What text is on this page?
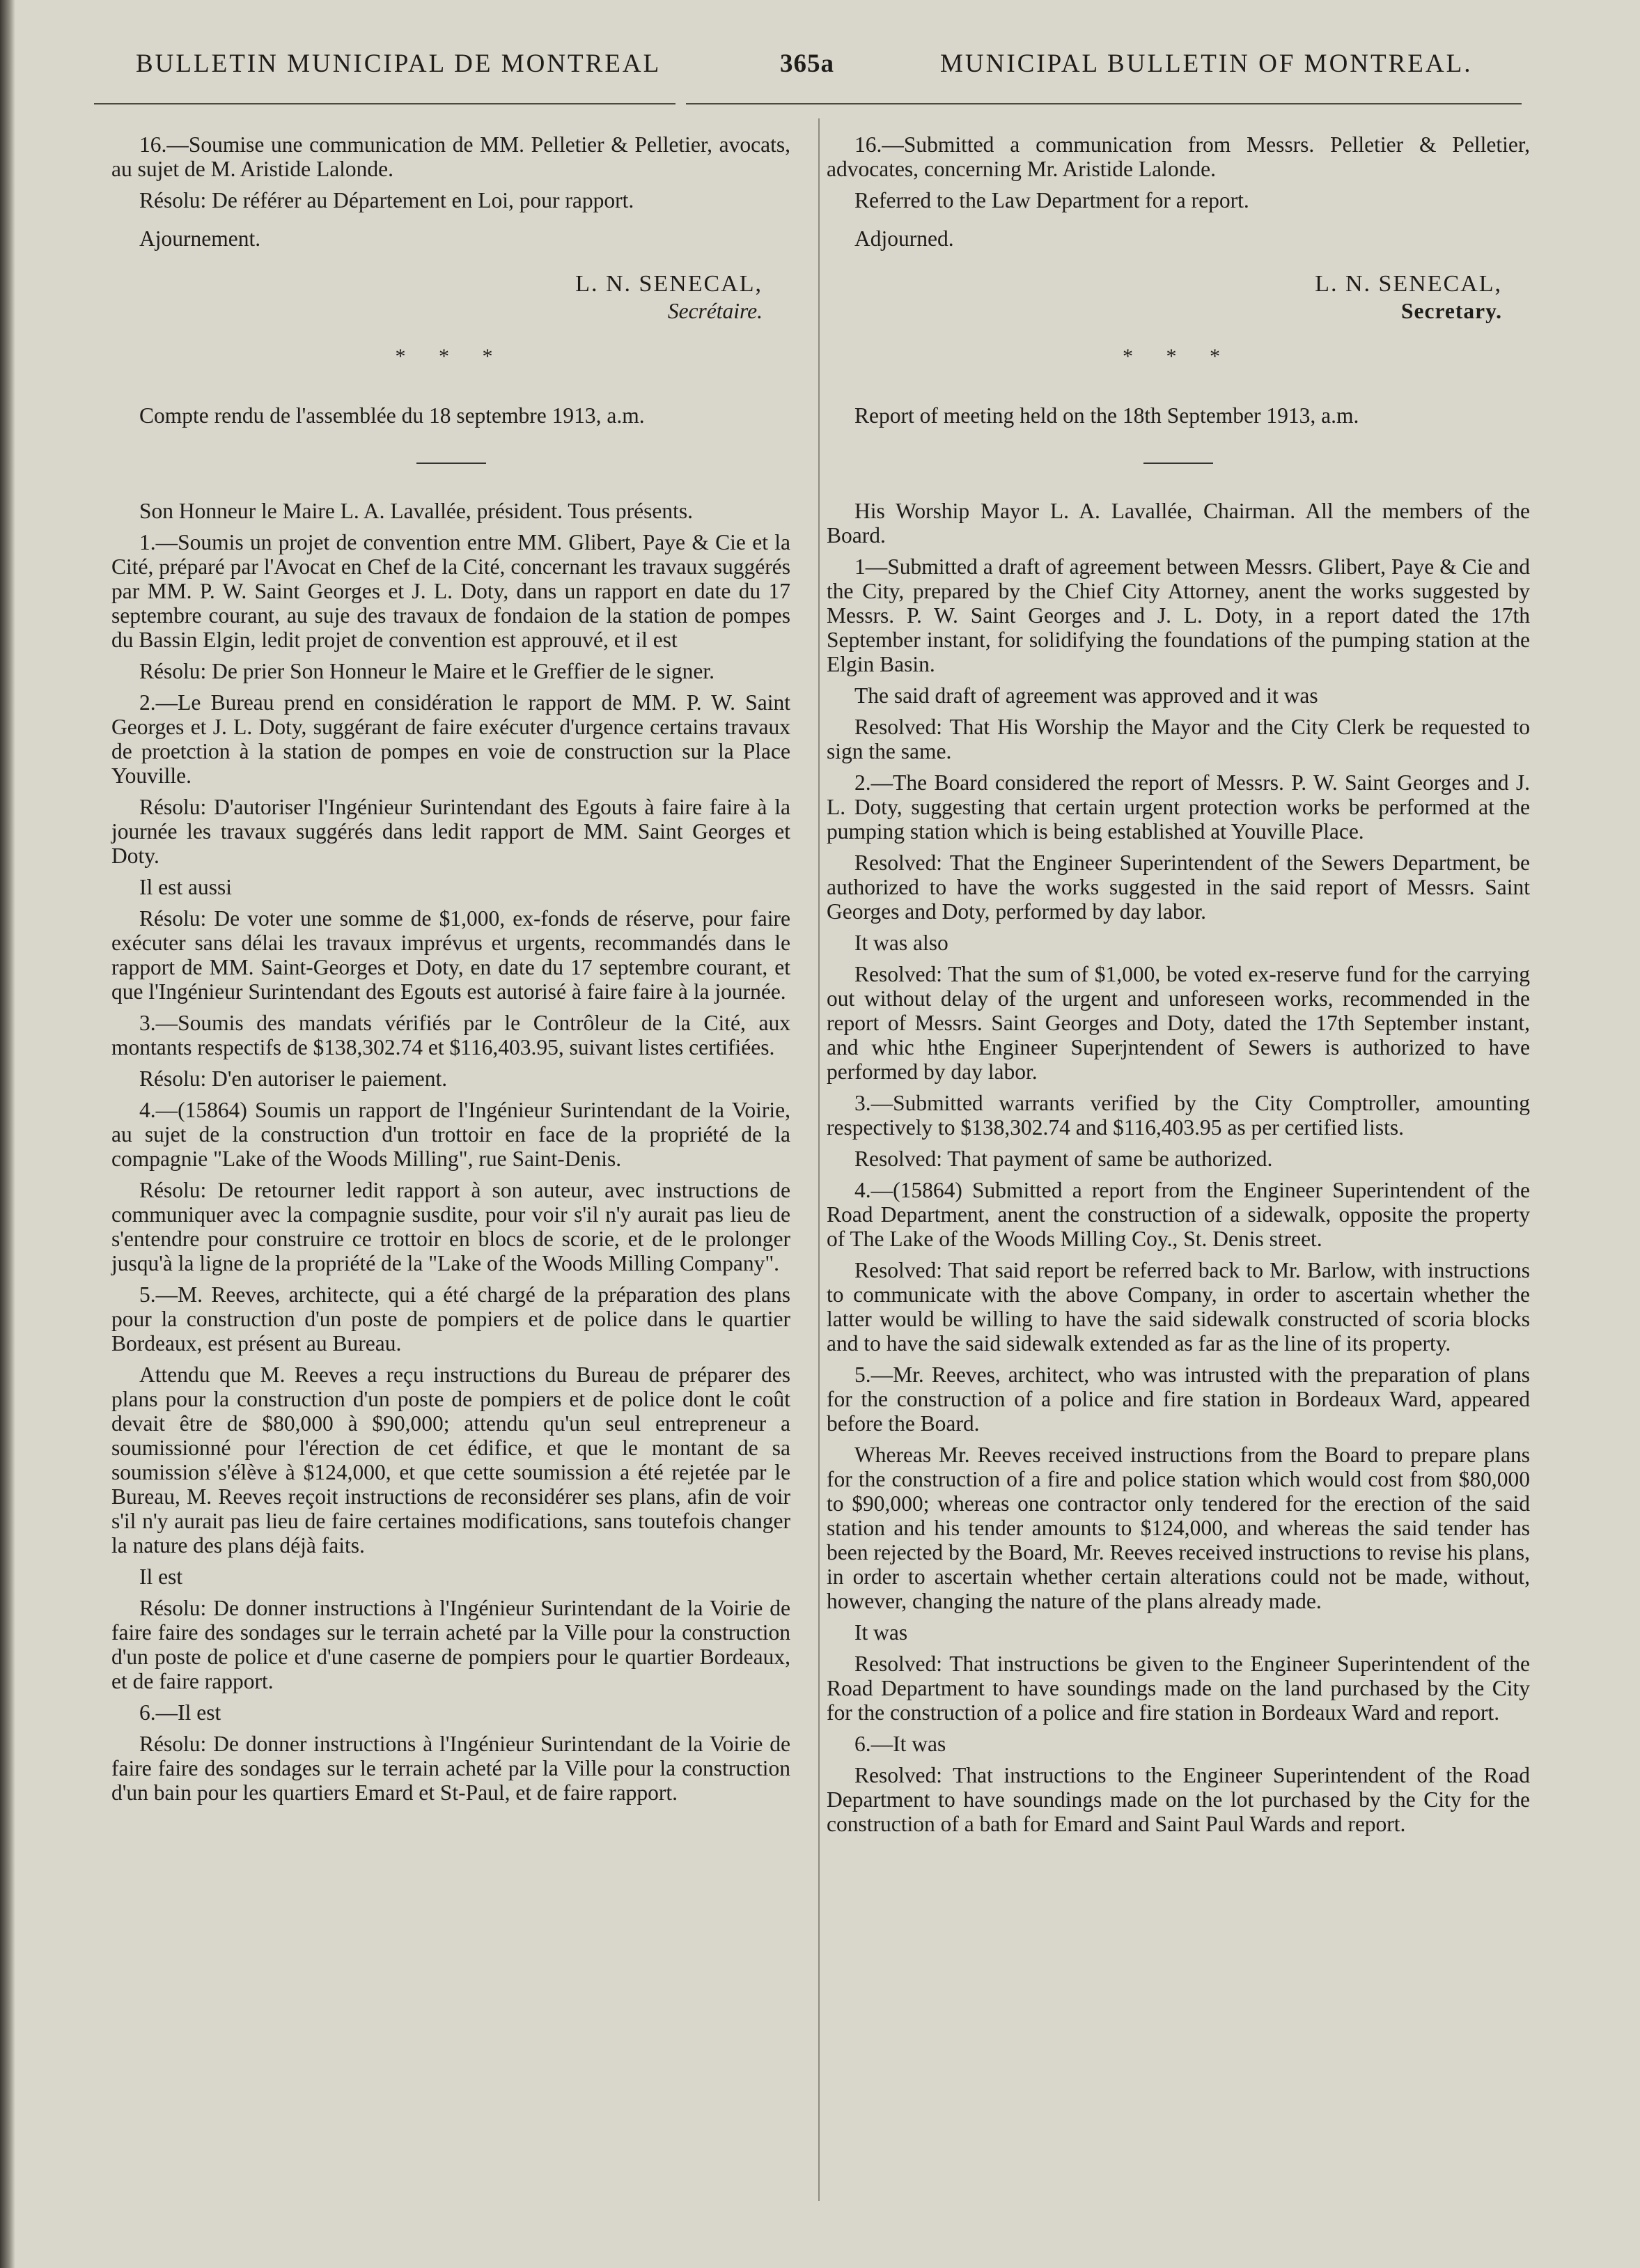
BULLETIN MUNICIPAL DE MONTREAL	365a	MUNICIPAL BULLETIN OF MONTREAL.

16.—Soumise une communication de MM. Pelletier & Pelletier, avocats, au sujet de M. Aristide Lalonde.

Résolu: De référer au Département en Loi, pour rapport.

Ajournement.

L. N. SENECAL,
Secrétaire.
* * *

Compte rendu de l'assemblée du 18 septembre 1913, a.m.

Son Honneur le Maire L. A. Lavallée, président. Tous présents.

1.—Soumis un projet de convention entre MM. Glibert, Paye & Cie et la Cité, préparé par l'Avocat en Chef de la Cité, concernant les travaux suggérés par MM. P. W. Saint Georges et J. L. Doty, dans un rapport en date du 17 septembre courant, au suje des travaux de fondaion de la station de pompes du Bassin Elgin, ledit projet de convention est approuvé, et il est

Résolu: De prier Son Honneur le Maire et le Greffier de le signer.

2.—Le Bureau prend en considération le rapport de MM. P. W. Saint Georges et J. L. Doty, suggérant de faire exécuter d'urgence certains travaux de proetction à la station de pompes en voie de construction sur la Place Youville.

Résolu: D'autoriser l'Ingénieur Surintendant des Egouts à faire faire à la journée les travaux suggérés dans ledit rapport de MM. Saint Georges et Doty.

Il est aussi

Résolu: De voter une somme de $1,000, ex-fonds de réserve, pour faire exécuter sans délai les travaux imprévus et urgents, recommandés dans le rapport de MM. Saint-Georges et Doty, en date du 17 septembre courant, et que l'Ingénieur Surintendant des Egouts est autorisé à faire faire à la journée.

3.—Soumis des mandats vérifiés par le Contrôleur de la Cité, aux montants respectifs de $138,302.74 et $116,403.95, suivant listes certifiées.

Résolu: D'en autoriser le paiement.

4.—(15864) Soumis un rapport de l'Ingénieur Surintendant de la Voirie, au sujet de la construction d'un trottoir en face de la propriété de la compagnie "Lake of the Woods Milling", rue Saint-Denis.

Résolu: De retourner ledit rapport à son auteur, avec instructions de communiquer avec la compagnie susdite, pour voir s'il n'y aurait pas lieu de s'entendre pour construire ce trottoir en blocs de scorie, et de le prolonger jusqu'à la ligne de la propriété de la "Lake of the Woods Milling Company".

5.—M. Reeves, architecte, qui a été chargé de la préparation des plans pour la construction d'un poste de pompiers et de police dans le quartier Bordeaux, est présent au Bureau.

Attendu que M. Reeves a reçu instructions du Bureau de préparer des plans pour la construction d'un poste de pompiers et de police dont le coût devait être de $80,000 à $90,000; attendu qu'un seul entrepreneur a soumissionné pour l'érection de cet édifice, et que le montant de sa soumission s'élève à $124,000, et que cette soumission a été rejetée par le Bureau, M. Reeves reçoit instructions de reconsidérer ses plans, afin de voir s'il n'y aurait pas lieu de faire certaines modifications, sans toutefois changer la nature des plans déjà faits.

Il est

Résolu: De donner instructions à l'Ingénieur Surintendant de la Voirie de faire faire des sondages sur le terrain acheté par la Ville pour la construction d'un poste de police et d'une caserne de pompiers pour le quartier Bordeaux, et de faire rapport.

6.—Il est

Résolu: De donner instructions à l'Ingénieur Surintendant de la Voirie de faire faire des sondages sur le terrain acheté par la Ville pour la construction d'un bain pour les quartiers Emard et St-Paul, et de faire rapport.

16.—Submitted a communication from Messrs. Pelletier & Pelletier, advocates, concerning Mr. Aristide Lalonde.

Referred to the Law Department for a report.

Adjourned.

L. N. SENECAL,
Secretary.
* * *

Report of meeting held on the 18th September 1913, a.m.

His Worship Mayor L. A. Lavallée, Chairman. All the members of the Board.

1—Submitted a draft of agreement between Messrs. Glibert, Paye & Cie and the City, prepared by the Chief City Attorney, anent the works suggested by Messrs. P. W. Saint Georges and J. L. Doty, in a report dated the 17th September instant, for solidifying the foundations of the pumping station at the Elgin Basin.

The said draft of agreement was approved and it was

Resolved: That His Worship the Mayor and the City Clerk be requested to sign the same.

2.—The Board considered the report of Messrs. P. W. Saint Georges and J. L. Doty, suggesting that certain urgent protection works be performed at the pumping station which is being established at Youville Place.

Resolved: That the Engineer Superintendent of the Sewers Department, be authorized to have the works suggested in the said report of Messrs. Saint Georges and Doty, performed by day labor.

It was also

Resolved: That the sum of $1,000, be voted ex-reserve fund for the carrying out without delay of the urgent and unforeseen works, recommended in the report of Messrs. Saint Georges and Doty, dated the 17th September instant, and whic hthe Engineer Superjntendent of Sewers is authorized to have performed by day labor.

3.—Submitted warrants verified by the City Comptroller, amounting respectively to $138,302.74 and $116,403.95 as per certified lists.

Resolved: That payment of same be authorized.

4.—(15864) Submitted a report from the Engineer Superintendent of the Road Department, anent the construction of a sidewalk, opposite the property of The Lake of the Woods Milling Coy., St. Denis street.

Resolved: That said report be referred back to Mr. Barlow, with instructions to communicate with the above Company, in order to ascertain whether the latter would be willing to have the said sidewalk constructed of scoria blocks and to have the said sidewalk extended as far as the line of its property.

5.—Mr. Reeves, architect, who was intrusted with the preparation of plans for the construction of a police and fire station in Bordeaux Ward, appeared before the Board.

Whereas Mr. Reeves received instructions from the Board to prepare plans for the construction of a fire and police station which would cost from $80,000 to $90,000; whereas one contractor only tendered for the erection of the said station and his tender amounts to $124,000, and whereas the said tender has been rejected by the Board, Mr. Reeves received instructions to revise his plans, in order to ascertain whether certain alterations could not be made, without, however, changing the nature of the plans already made.

It was

Resolved: That instructions be given to the Engineer Superintendent of the Road Department to have soundings made on the land purchased by the City for the construction of a police and fire station in Bordeaux Ward and report.

6.—It was

Resolved: That instructions to the Engineer Superintendent of the Road Department to have soundings made on the lot purchased by the City for the construction of a bath for Emard and Saint Paul Wards and report.
